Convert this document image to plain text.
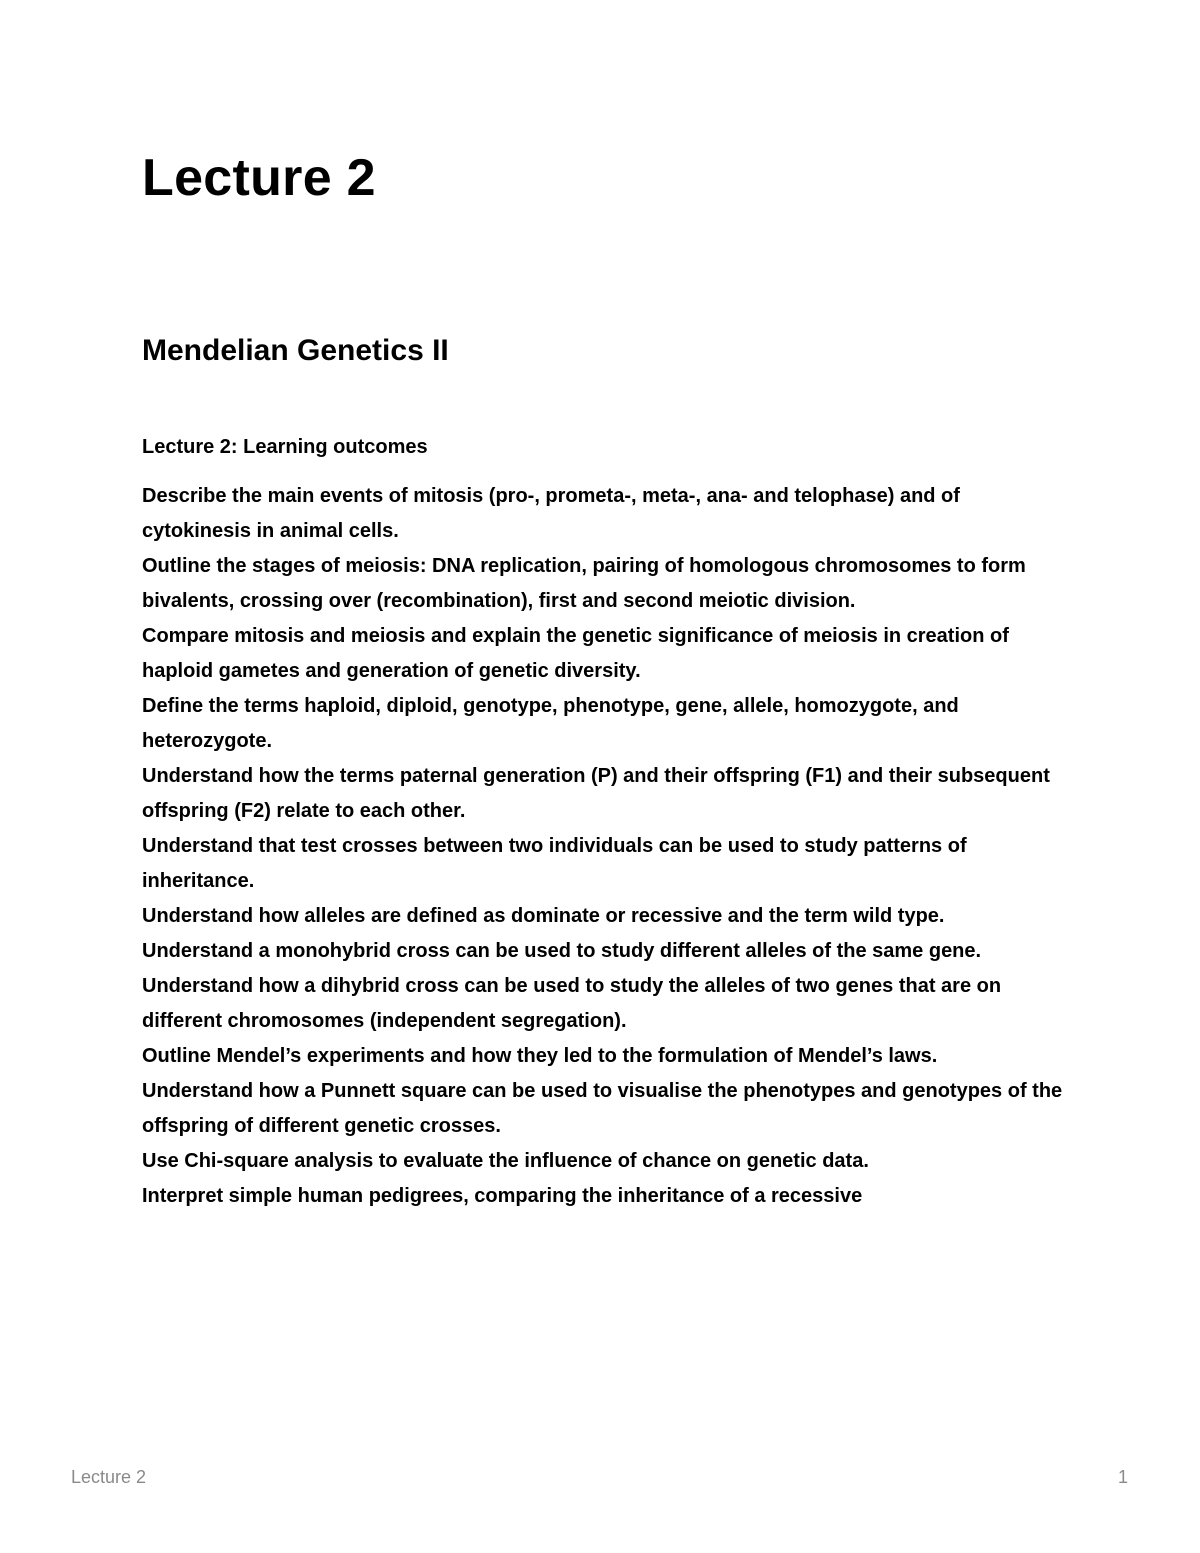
Lecture 2
Mendelian Genetics II
Lecture 2: Learning outcomes
Describe the main events of mitosis (pro-, prometa-, meta-, ana- and telophase) and of cytokinesis in animal cells.
Outline the stages of meiosis: DNA replication, pairing of homologous chromosomes to form bivalents, crossing over (recombination), first and second meiotic division.
Compare mitosis and meiosis and explain the genetic significance of meiosis in creation of haploid gametes and generation of genetic diversity.
Define the terms haploid, diploid, genotype, phenotype, gene, allele, homozygote, and heterozygote.
Understand how the terms paternal generation (P) and their offspring (F1) and their subsequent offspring (F2) relate to each other.
Understand that test crosses between two individuals can be used to study patterns of inheritance.
Understand how alleles are defined as dominate or recessive and the term wild type.
Understand a monohybrid cross can be used to study different alleles of the same gene.
Understand how a dihybrid cross can be used to study the alleles of two genes that are on different chromosomes (independent segregation).
Outline Mendel’s experiments and how they led to the formulation of Mendel’s laws.
Understand how a Punnett square can be used to visualise the phenotypes and genotypes of the offspring of different genetic crosses.
Use Chi-square analysis to evaluate the influence of chance on genetic data.
Interpret simple human pedigrees, comparing the inheritance of a recessive
Lecture 2	1
